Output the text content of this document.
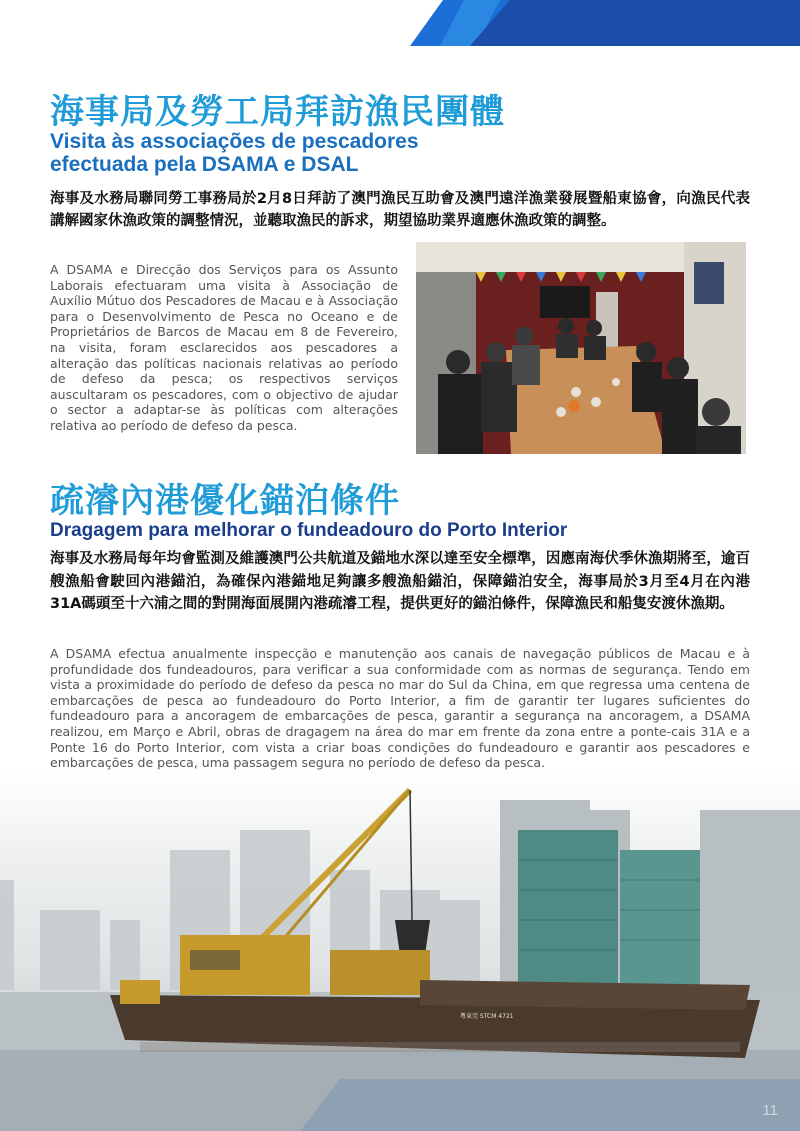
海事局及勞工局拜訪漁民團體
Visita às associações de pescadores
efectuada pela DSAMA e DSAL

海事及水務局聯同勞工事務局於2月8日拜訪了澳門漁民互助會及澳門遠洋漁業發展暨船東協會，向漁民代表講解國家休漁政策的調整情況，並聽取漁民的訴求，期望協助業界適應休漁政策的調整。

A DSAMA e Direcção dos Serviços para os Assunto Laborais efectuaram uma visita à Associação de Auxílio Mútuo dos Pescadores de Macau e à Associação para o Desenvolvimento de Pesca no Oceano e de Proprietários de Barcos de Macau em 8 de Fevereiro, na visita, foram esclarecidos aos pescadores a alteração das políticas nacionais relativas ao período de defeso da pesca; os respectivos serviços auscultaram os pescadores, com o objectivo de ajudar o sector a adaptar-se às políticas com alterações relativa ao período de defeso da pesca.

疏濬內港優化錨泊條件
Dragagem para melhorar o fundeadouro do Porto Interior

海事及水務局每年均會監測及維護澳門公共航道及錨地水深以達至安全標準，因應南海伏季休漁期將至，逾百艘漁船會駛回內港錨泊，為確保內港錨地足夠讓多艘漁船錨泊，保障錨泊安全，海事局於3月至4月在內港31A碼頭至十六浦之間的對開海面展開內港疏濬工程，提供更好的錨泊條件，保障漁民和船隻安渡休漁期。

A DSAMA efectua anualmente inspecção e manutenção aos canais de navegação públicos de Macau e à profundidade dos fundeadouros, para verificar a sua conformidade com as normas de segurança. Tendo em vista a proximidade do período de defeso da pesca no mar do Sul da China, em que regressa uma centena de embarcações de pesca ao fundeadouro do Porto Interior, a fim de garantir ter lugares suficientes do fundeadouro para a ancoragem de embarcações de pesca, garantir a segurança na ancoragem, a DSAMA realizou, em Março e Abril, obras de dragagem na área do mar em frente da zona entre a ponte-cais 31A e a Ponte 16 do Porto Interior, com vista a criar boas condições do fundeadouro e garantir aos pescadores e embarcações de pesca, uma passagem segura no período de defeso da pesca.

粵東莞 STCM 4721
11
